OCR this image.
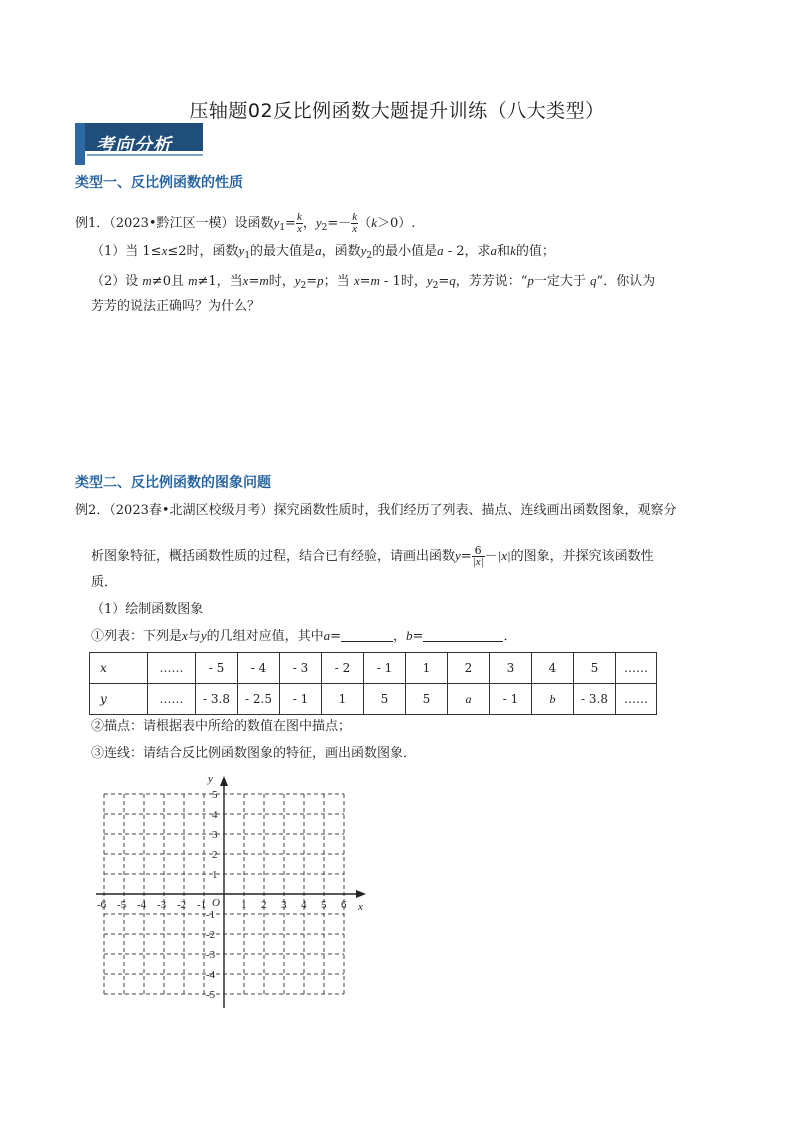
压轴题02反比例函数大题提升训练（八大类型）
考向分析
类型一、反比例函数的性质
例1．（2023•黔江区一模）设函数$y_1= \frac{k}{x}$ ，$y_2=- \frac{k}{x} (k>0)$.
（1）当 1≤x≤2时，函数$y_1$的最大值是a，函数$y_2$的最小值是a - 2，求a和k的值；
（2）设 m≠0且 m≠1，当x=m时，$y_2=p$；当 x=m - 1时，$y_2=q$，芳芳说：“p一定大于 q”．你认为
芳芳的说法正确吗？为什么？
类型二、反比例函数的图象问题
例2．（2023春•北湖区校级月考）探究函数性质时，我们经历了列表、描点、连线画出函数图象，观察分
析图象特征，概括函数性质的过程，结合已有经验，请画出函数$y= \frac{6}{|x|} -|x|$的图象，并探究该函数性
质．
（1）绘制函数图象
①列表：下列是x与y的几组对应值，其中a=	，b=	．
x	……	- 5	- 4	- 3	- 2	- 1	1	2	3	4	5	……
y	……	- 3.8	- 2.5	- 1	1	5	5	a	- 1	b	- 3.8	……
②描点：请根据表中所给的数值在图中描点；
③连线：请结合反比例函数图象的特征，画出函数图象．
x
y
O
-6 -5 -4 -3 -2 -1	1 2 3 4 5 6
5
4
3
2
1
-1
-2
-3
-4
-5
